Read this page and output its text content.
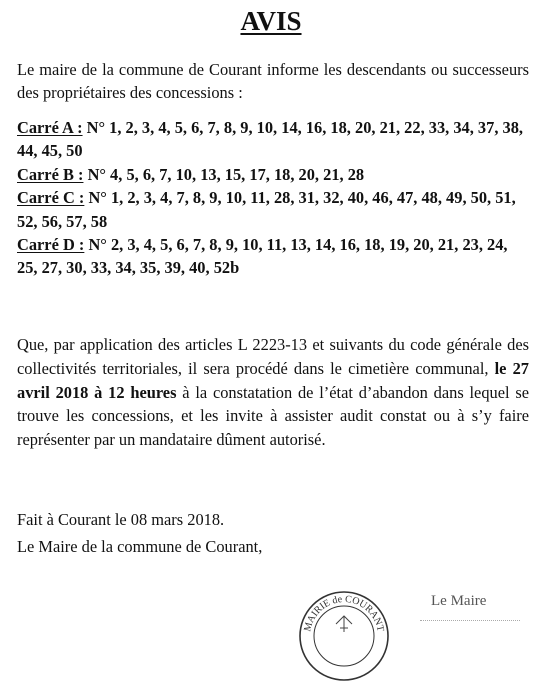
AVIS
Le maire de la commune de Courant informe les descendants ou successeurs des propriétaires des concessions :

Carré A : N° 1, 2, 3, 4, 5, 6, 7, 8, 9, 10, 14, 16, 18, 20, 21, 22, 33, 34, 37, 38, 44, 45, 50

Carré B : N° 4, 5, 6, 7, 10, 13, 15, 17, 18, 20, 21, 28

Carré C : N° 1, 2, 3, 4, 7, 8, 9, 10, 11, 28, 31, 32, 40, 46, 47, 48, 49, 50, 51, 52, 56, 57, 58

Carré D : N° 2, 3, 4, 5, 6, 7, 8, 9, 10, 11, 13, 14, 16, 18, 19, 20, 21, 23, 24, 25, 27, 30, 33, 34, 35, 39, 40, 52b

Que, par application des articles L 2223-13 et suivants du code générale des collectivités territoriales, il sera procédé dans le cimetière communal, le 27 avril 2018 à 12 heures à la constatation de l’état d’abandon dans lequel se trouve les concessions, et les invite à assister audit constat ou à s’y faire représenter par un mandataire dûment autorisé.
Fait à Courant le 08 mars 2018.
Le Maire de la commune de Courant,
MAIRIE de COURANT
Le Maire
